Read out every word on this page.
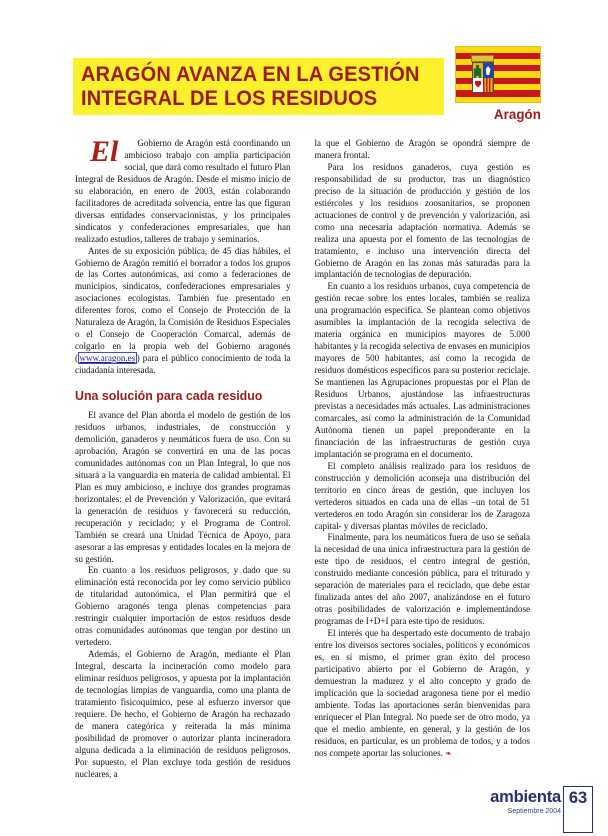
ARAGÓN AVANZA EN LA GESTIÓN
INTEGRAL DE LOS RESIDUOS
Aragón

El	Gobierno de Aragón está coordinando un ambicioso trabajo con amplia participación social, que dará como resultado el futuro Plan Integral de Residuos de Aragón. Desde el mismo inicio de su elaboración, en enero de 2003, están colaborando facilitadores de acreditada solvencia, entre las que figuran diversas entidades conservacionistas, y los principales sindicatos y confederaciones empresariales, que han realizado estudios, talleres de trabajo y seminarios.

Antes de su exposición pública, de 45 días hábiles, el Gobierno de Aragón remitió el borrador a todos los grupos de las Cortes autonómicas, así como a federaciones de municipios, sindicatos, confederaciones empresariales y asociaciones ecologistas. También fue presentado en diferentes foros, como el Consejo de Protección de la Naturaleza de Aragón, la Comisión de Residuos Especiales o el Consejo de Cooperación Comarcal, además de colgarlo en la propia web del Gobierno aragonés ( www.aragon.es ) para el público conocimiento de toda la ciudadanía interesada.

Una solución para cada residuo

El avance del Plan aborda el modelo de gestión de los residuos urbanos, industriales, de construcción y demolición, ganaderos y neumáticos fuera de uso. Con su aprobación, Aragón se convertirá en una de las pocas comunidades autónomas con un Plan Integral, lo que nos situará a la vanguardia en materia de calidad ambiental. El Plan es muy ambicioso, e incluye dos grandes programas horizontales: el de Prevención y Valorización, que evitará la generación de residuos y favorecerá su reducción, recuperación y reciclado; y el Programa de Control. También se creará una Unidad Técnica de Apoyo, para asesorar a las empresas y entidades locales en la mejora de su gestión.

En cuanto a los residuos peligrosos, y dado que su eliminación está reconocida por ley como servicio público de titularidad autonómica, el Plan permitirá que el Gobierno aragonés tenga plenas competencias para restringir cualquier importación de estos residuos desde otras comunidades autónomas que tengan por destino un vertedero.

Además, el Gobierno de Aragón, mediante el Plan Integral, descarta la incineración como modelo para eliminar residuos peligrosos, y apuesta por la implantación de tecnologías limpias de vanguardia, como una planta de tratamiento fisicoquímico, pese al esfuerzo inversor que requiere. De hecho, el Gobierno de Aragón ha rechazado de manera categórica y reiterada la más mínima posibilidad de promover o autorizar planta incineradora alguna dedicada a la eliminación de residuos peligrosos. Por supuesto, el Plan excluye toda gestión de residuos nucleares, a

la que el Gobierno de Aragón se opondrá siempre de manera frontal.

Para los residuos ganaderos, cuya gestión es responsabilidad de su productor, tras un diagnóstico preciso de la situación de producción y gestión de los estiércoles y los residuos zoosanitarios, se proponen actuaciones de control y de prevención y valorización, así como una necesaria adaptación normativa. Además se realiza una apuesta por el fomento de las tecnologías de tratamiento, e incluso una intervención directa del Gobierno de Aragón en las zonas más saturadas para la implantación de tecnologías de depuración.

En cuanto a los residuos urbanos, cuya competencia de gestión recae sobre los entes locales, también se realiza una programación específica. Se plantean como objetivos asumibles la implantación de la recogida selectiva de materia orgánica en municipios mayores de 5.000 habitantes y la recogida selectiva de envases en municipios mayores de 500 habitantes, así como la recogida de residuos domésticos específicos para su posterior reciclaje. Se mantienen las Agrupaciones propuestas por el Plan de Residuos Urbanos, ajustándose las infraestructuras previstas a necesidades más actuales. Las administraciones comarcales, así como la administración de la Comunidad Autónoma tienen un papel preponderante en la financiación de las infraestructuras de gestión cuya implantación se programa en el documento.

El completo análisis realizado para los residuos de construcción y demolición aconseja una distribución del territorio en cinco áreas de gestión, que incluyen los vertederos situados en cada una de ellas –un total de 51 vertederos en todo Aragón sin considerar los de Zaragoza capital- y diversas plantas móviles de reciclado.

Finalmente, para los neumáticos fuera de uso se señala la necesidad de una única infraestructura para la gestión de este tipo de residuos, el centro integral de gestión, construido mediante concesión pública, para el triturado y separación de materiales para el reciclado, que debe estar finalizada antes del año 2007, analizándose en el futuro otras posibilidades de valorización e implementándose programas de I+D+I para este tipo de residuos.

El interés que ha despertado este documento de trabajo entre los diversos sectores sociales, políticos y económicos es, en sí mismo, el primer gran éxito del proceso participativo abierto por el Gobierno de Aragón, y demuestran la madurez y el alto concepto y grado de implicación que la sociedad aragonesa tiene por el medio ambiente. Todas las aportaciones serán bienvenidas para enriquecer el Plan Integral. No puede ser de otro modo, ya que el medio ambiente, en general, y la gestión de los residuos, en particular, es un problema de todos, y a todos nos compete aportar las soluciones. ❧

ambienta
Septiembre 2004
63
